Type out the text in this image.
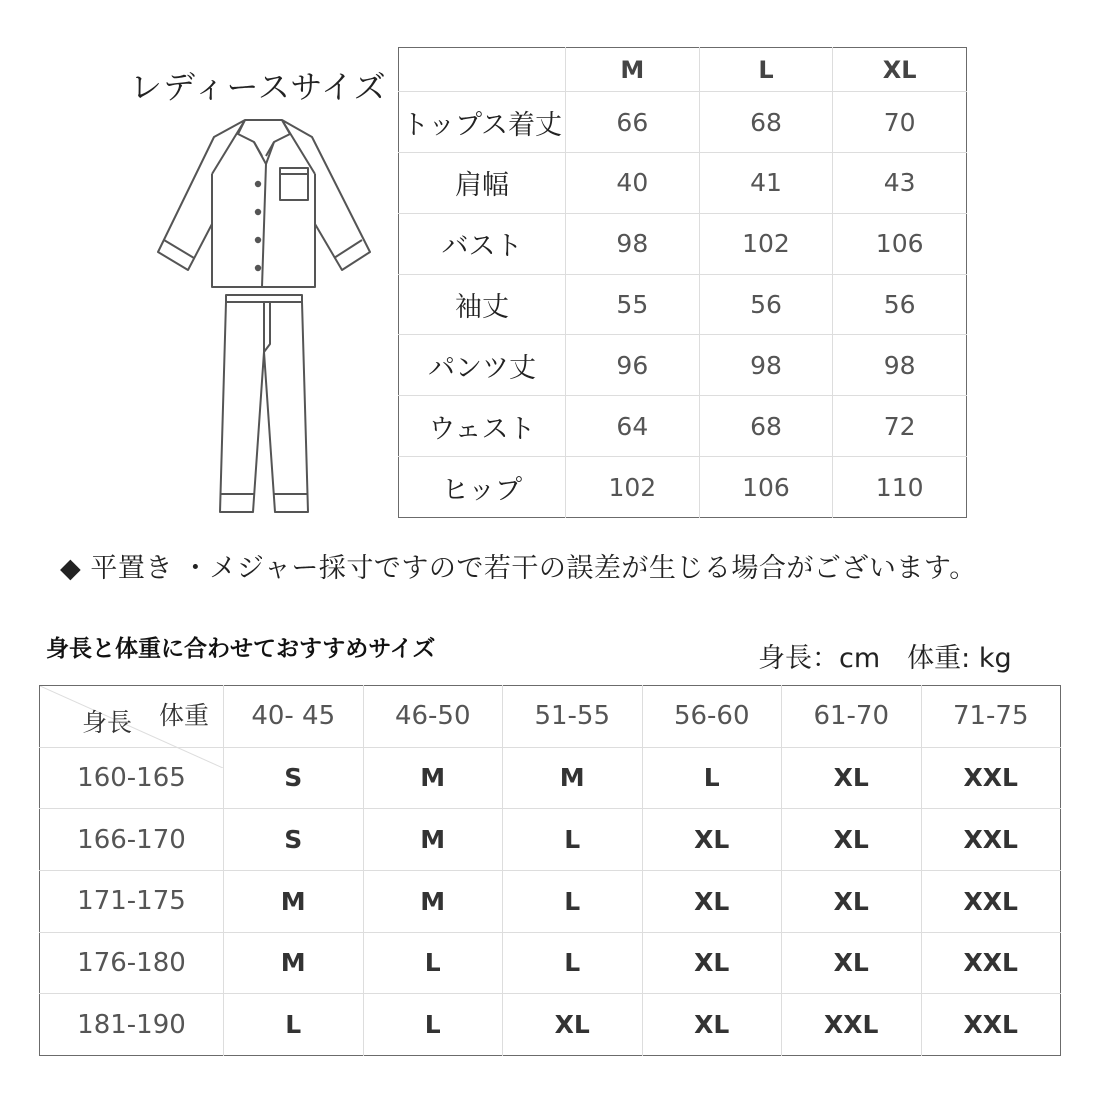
レディースサイズ
		M	L	XL
トップス着丈	66	68	70
肩幅	40	41	43
バスト	98	102	106
袖丈	55	56	56
パンツ丈	96	98	98
ウェスト	64	68	72
ヒップ	102	106	110
◆ 平置き ・メジャー採寸ですので若干の誤差が生じる場合がございます。
身長と体重に合わせておすすめサイズ	身長：cm　体重: kg
体重
身長	40- 45	46-50	51-55	56-60	61-70	71-75
160-165	S	M	M	L	XL	XXL
166-170	S	M	L	XL	XL	XXL
171-175	M	M	L	XL	XL	XXL
176-180	M	L	L	XL	XL	XXL
181-190	L	L	XL	XL	XXL	XXL
